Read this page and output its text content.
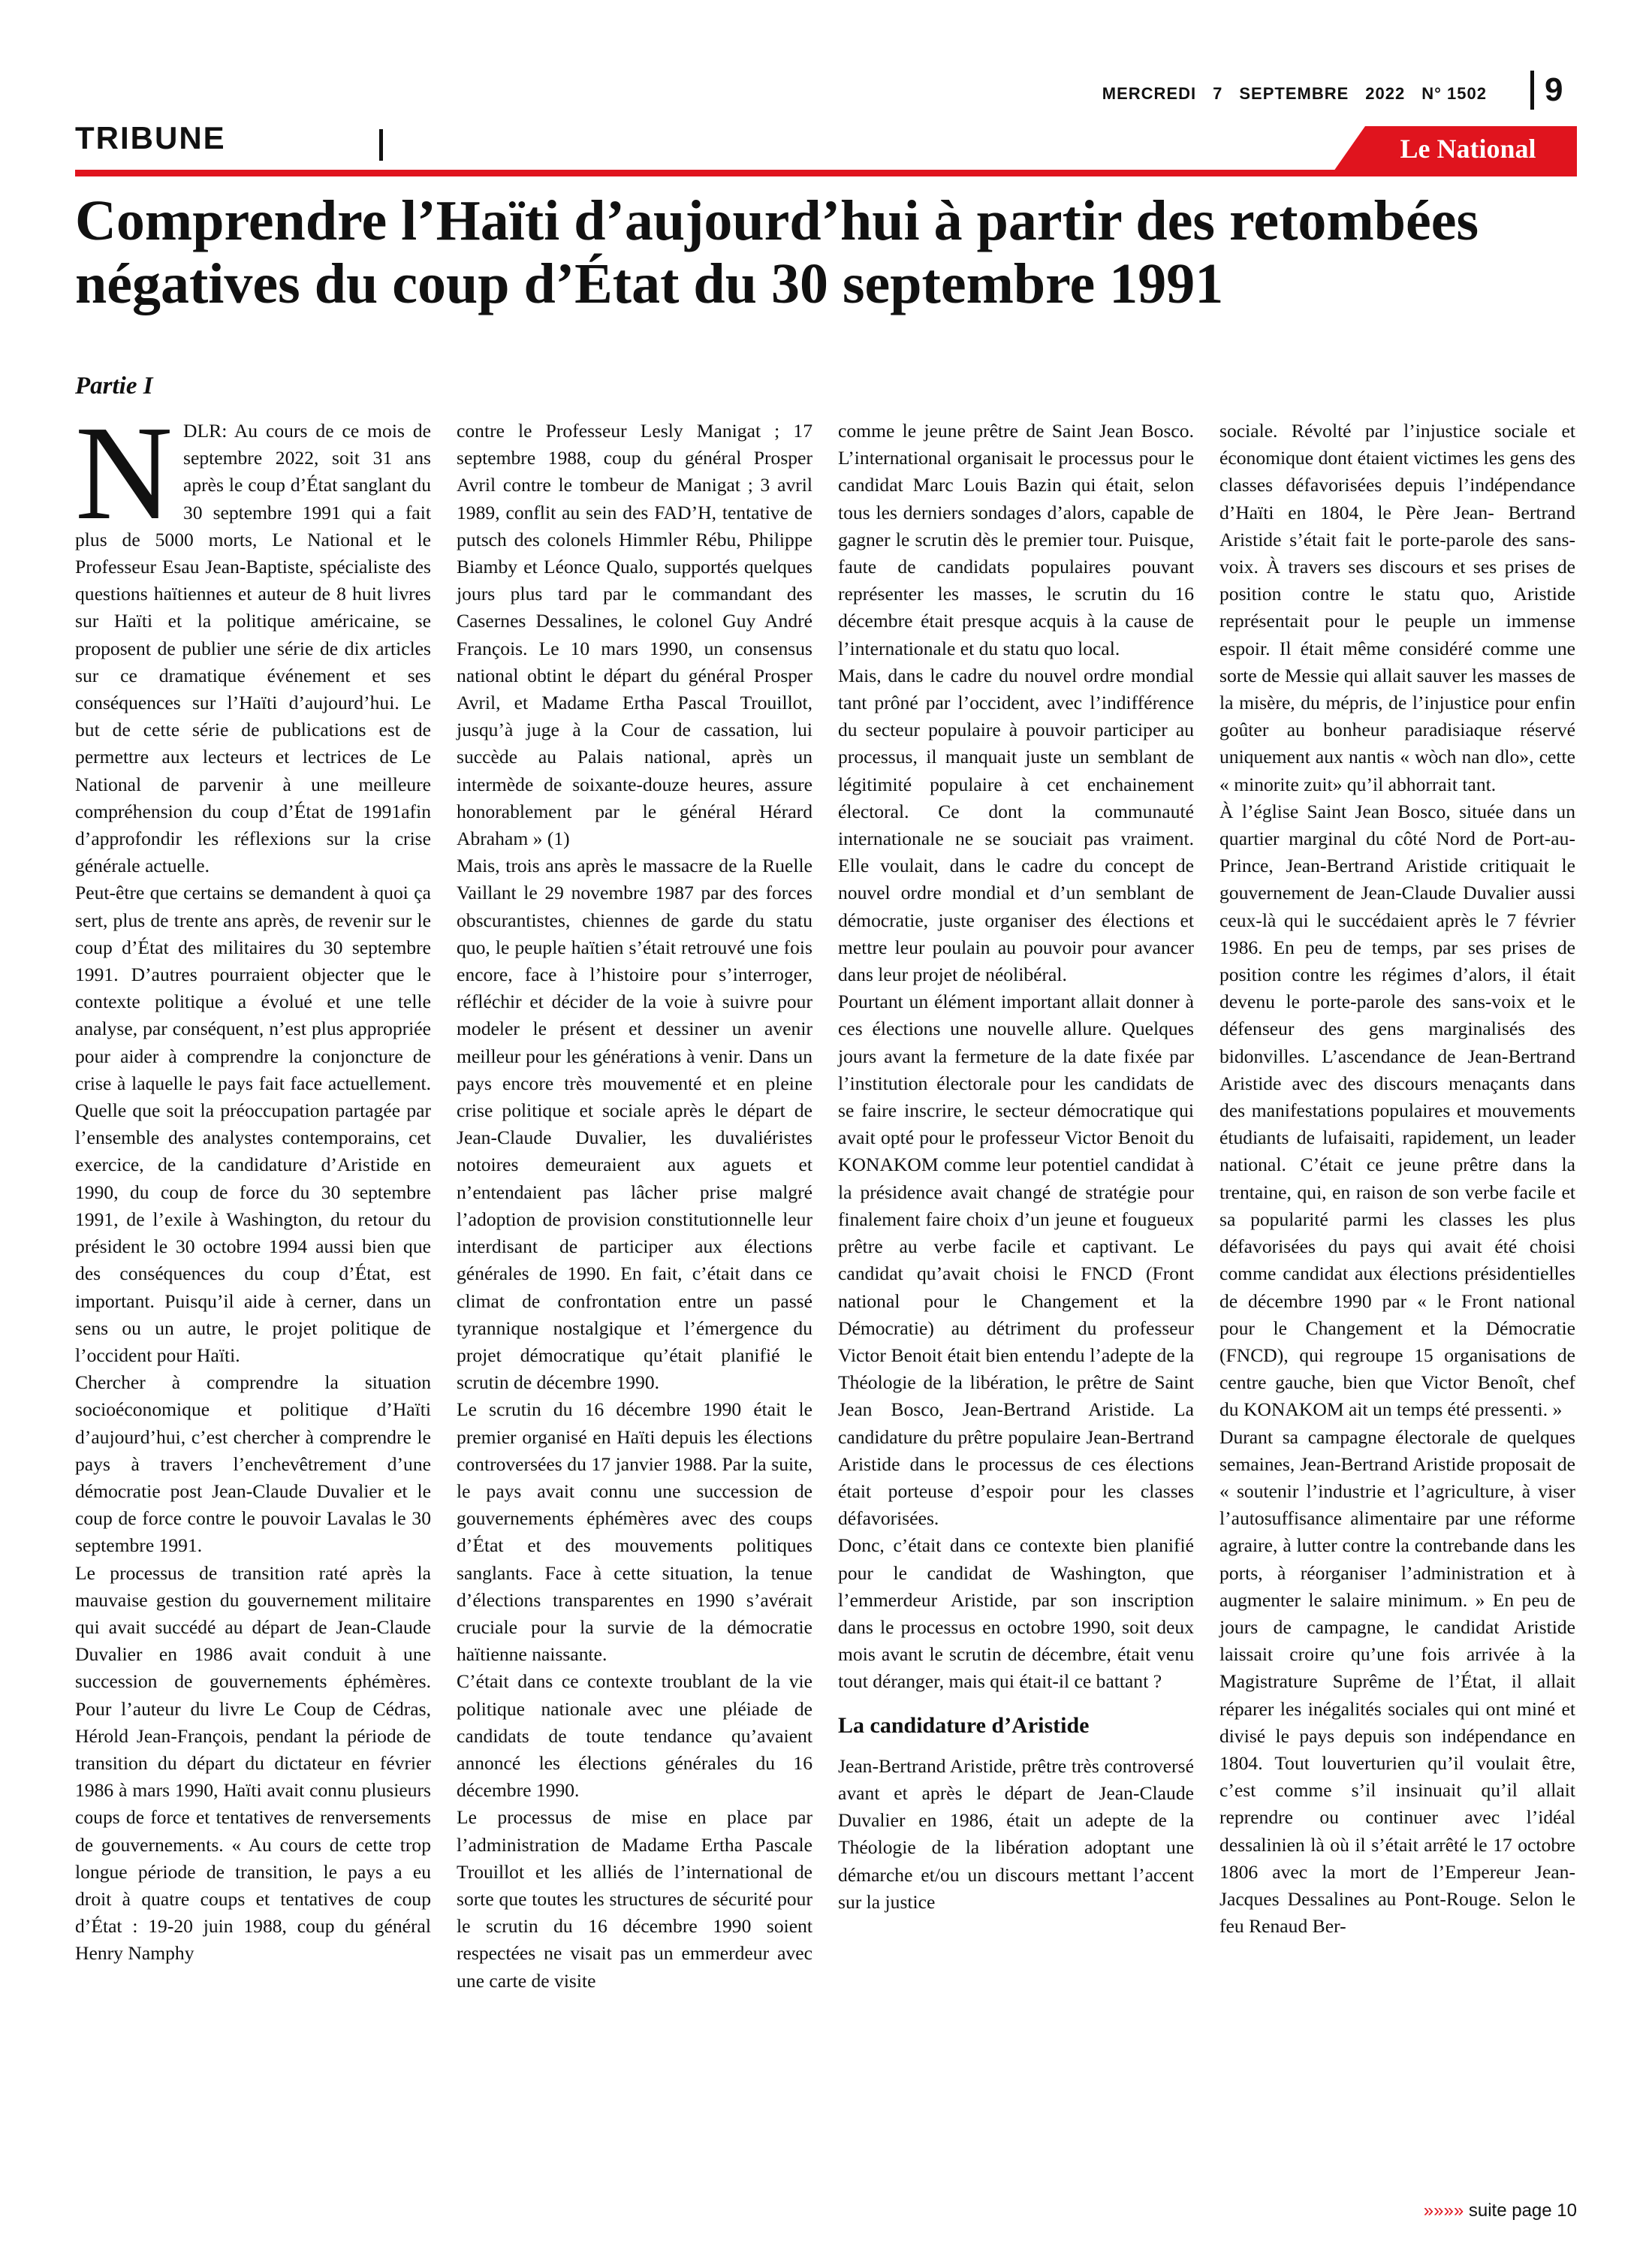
MERCREDI 7 SEPTEMBRE 2022 N° 1502	9
TRIBUNE	Le National
Comprendre l’Haïti d’aujourd’hui à partir des retombées négatives du coup d’État du 30 septembre 1991
Partie I
N DLR: Au cours de ce mois de septembre 2022, soit 31 ans après le coup d’État sanglant du 30 septembre 1991 qui a fait plus de 5000 morts, Le National et le Professeur Esau Jean-Baptiste, spécialiste des questions haïtiennes et auteur de 8 huit livres sur Haïti et la politique américaine, se proposent de publier une série de dix articles sur ce dramatique événement et ses conséquences sur l’Haïti d’aujourd’hui. Le but de cette série de publications est de permettre aux lecteurs et lectrices de Le National de parvenir à une meilleure compréhension du coup d’État de 1991afin d’approfondir les réflexions sur la crise générale actuelle.

Peut-être que certains se demandent à quoi ça sert, plus de trente ans après, de revenir sur le coup d’État des militaires du 30 septembre 1991. D’autres pourraient objecter que le contexte politique a évolué et une telle analyse, par conséquent, n’est plus appropriée pour aider à comprendre la conjoncture de crise à laquelle le pays fait face actuellement. Quelle que soit la préoccupation partagée par l’ensemble des analystes contemporains, cet exercice, de la candidature d’Aristide en 1990, du coup de force du 30 septembre 1991, de l’exile à Washington, du retour du président le 30 octobre 1994 aussi bien que des conséquences du coup d’État, est important. Puisqu’il aide à cerner, dans un sens ou un autre, le projet politique de l’occident pour Haïti.

Chercher à comprendre la situation socioéconomique et politique d’Haïti d’aujourd’hui, c’est chercher à comprendre le pays à travers l’enchevêtrement d’une démocratie post Jean-Claude Duvalier et le coup de force contre le pouvoir Lavalas le 30 septembre 1991.

Le processus de transition raté après la mauvaise gestion du gouvernement militaire qui avait succédé au départ de Jean-Claude Duvalier en 1986 avait conduit à une succession de gouvernements éphémères. Pour l’auteur du livre Le Coup de Cédras, Hérold Jean-François, pendant la période de transition du départ du dictateur en février 1986 à mars 1990, Haïti avait connu plusieurs coups de force et tentatives de renversements de gouvernements. « Au cours de cette trop longue période de transition, le pays a eu droit à quatre coups et tentatives de coup d’État : 19-20 juin 1988, coup du général Henry Namphy

contre le Professeur Lesly Manigat ; 17 septembre 1988, coup du général Prosper Avril contre le tombeur de Manigat ; 3 avril 1989, conflit au sein des FAD’H, tentative de putsch des colonels Himmler Rébu, Philippe Biamby et Léonce Qualo, supportés quelques jours plus tard par le commandant des Casernes Dessalines, le colonel Guy André François. Le 10 mars 1990, un consensus national obtint le départ du général Prosper Avril, et Madame Ertha Pascal Trouillot, jusqu’à juge à la Cour de cassation, lui succède au Palais national, après un intermède de soixante-douze heures, assure honorablement par le général Hérard Abraham » (1)

Mais, trois ans après le massacre de la Ruelle Vaillant le 29 novembre 1987 par des forces obscurantistes, chiennes de garde du statu quo, le peuple haïtien s’était retrouvé une fois encore, face à l’histoire pour s’interroger, réfléchir et décider de la voie à suivre pour modeler le présent et dessiner un avenir meilleur pour les générations à venir. Dans un pays encore très mouvementé et en pleine crise politique et sociale après le départ de Jean-Claude Duvalier, les duvaliéristes notoires demeuraient aux aguets et n’entendaient pas lâcher prise malgré l’adoption de provision constitutionnelle leur interdisant de participer aux élections générales de 1990. En fait, c’était dans ce climat de confrontation entre un passé tyrannique nostalgique et l’émergence du projet démocratique qu’était planifié le scrutin de décembre 1990.

Le scrutin du 16 décembre 1990 était le premier organisé en Haïti depuis les élections controversées du 17 janvier 1988. Par la suite, le pays avait connu une succession de gouvernements éphémères avec des coups d’État et des mouvements politiques sanglants. Face à cette situation, la tenue d’élections transparentes en 1990 s’avérait cruciale pour la survie de la démocratie haïtienne naissante.

C’était dans ce contexte troublant de la vie politique nationale avec une pléiade de candidats de toute tendance qu’avaient annoncé les élections générales du 16 décembre 1990.

Le processus de mise en place par l’administration de Madame Ertha Pascale Trouillot et les alliés de l’international de sorte que toutes les structures de sécurité pour le scrutin du 16 décembre 1990 soient respectées ne visait pas un emmerdeur avec une carte de visite

comme le jeune prêtre de Saint Jean Bosco. L’international organisait le processus pour le candidat Marc Louis Bazin qui était, selon tous les derniers sondages d’alors, capable de gagner le scrutin dès le premier tour. Puisque, faute de candidats populaires pouvant représenter les masses, le scrutin du 16 décembre était presque acquis à la cause de l’internationale et du statu quo local.

Mais, dans le cadre du nouvel ordre mondial tant prôné par l’occident, avec l’indifférence du secteur populaire à pouvoir participer au processus, il manquait juste un semblant de légitimité populaire à cet enchainement électoral. Ce dont la communauté internationale ne se souciait pas vraiment. Elle voulait, dans le cadre du concept de nouvel ordre mondial et d’un semblant de démocratie, juste organiser des élections et mettre leur poulain au pouvoir pour avancer dans leur projet de néolibéral.

Pourtant un élément important allait donner à ces élections une nouvelle allure. Quelques jours avant la fermeture de la date fixée par l’institution électorale pour les candidats de se faire inscrire, le secteur démocratique qui avait opté pour le professeur Victor Benoit du KONAKOM comme leur potentiel candidat à la présidence avait changé de stratégie pour finalement faire choix d’un jeune et fougueux prêtre au verbe facile et captivant. Le candidat qu’avait choisi le FNCD (Front national pour le Changement et la Démocratie) au détriment du professeur Victor Benoit était bien entendu l’adepte de la Théologie de la libération, le prêtre de Saint Jean Bosco, Jean-Bertrand Aristide. La candidature du prêtre populaire Jean-Bertrand Aristide dans le processus de ces élections était porteuse d’espoir pour les classes défavorisées.

Donc, c’était dans ce contexte bien planifié pour le candidat de Washington, que l’emmerdeur Aristide, par son inscription dans le processus en octobre 1990, soit deux mois avant le scrutin de décembre, était venu tout déranger, mais qui était-il ce battant ?

La candidature d’Aristide

Jean-Bertrand Aristide, prêtre très controversé avant et après le départ de Jean-Claude Duvalier en 1986, était un adepte de la Théologie de la libération adoptant une démarche et/ou un discours mettant l’accent sur la justice

sociale. Révolté par l’injustice sociale et économique dont étaient victimes les gens des classes défavorisées depuis l’indépendance d’Haïti en 1804, le Père Jean- Bertrand Aristide s’était fait le porte-parole des sans-voix. À travers ses discours et ses prises de position contre le statu quo, Aristide représentait pour le peuple un immense espoir. Il était même considéré comme une sorte de Messie qui allait sauver les masses de la misère, du mépris, de l’injustice pour enfin goûter au bonheur paradisiaque réservé uniquement aux nantis « wòch nan dlo», cette « minorite zuit» qu’il abhorrait tant.

À l’église Saint Jean Bosco, située dans un quartier marginal du côté Nord de Port-au-Prince, Jean-Bertrand Aristide critiquait le gouvernement de Jean-Claude Duvalier aussi ceux-là qui le succédaient après le 7 février 1986. En peu de temps, par ses prises de position contre les régimes d’alors, il était devenu le porte-parole des sans-voix et le défenseur des gens marginalisés des bidonvilles. L’ascendance de Jean-Bertrand Aristide avec des discours menaçants dans des manifestations populaires et mouvements étudiants de lufaisaiti, rapidement, un leader national. C’était ce jeune prêtre dans la trentaine, qui, en raison de son verbe facile et sa popularité parmi les classes les plus défavorisées du pays qui avait été choisi comme candidat aux élections présidentielles de décembre 1990 par « le Front national pour le Changement et la Démocratie (FNCD), qui regroupe 15 organisations de centre gauche, bien que Victor Benoît, chef du KONAKOM ait un temps été pressenti. »

Durant sa campagne électorale de quelques semaines, Jean-Bertrand Aristide proposait de « soutenir l’industrie et l’agriculture, à viser l’autosuffisance alimentaire par une réforme agraire, à lutter contre la contrebande dans les ports, à réorganiser l’administration et à augmenter le salaire minimum. » En peu de jours de campagne, le candidat Aristide laissait croire qu’une fois arrivée à la Magistrature Suprême de l’État, il allait réparer les inégalités sociales qui ont miné et divisé le pays depuis son indépendance en 1804. Tout louverturien qu’il voulait être, c’est comme s’il insinuait qu’il allait reprendre ou continuer avec l’idéal dessalinien là où il s’était arrêté le 17 octobre 1806 avec la mort de l’Empereur Jean-Jacques Dessalines au Pont-Rouge. Selon le feu Renaud Ber-

»»»» suite page 10
